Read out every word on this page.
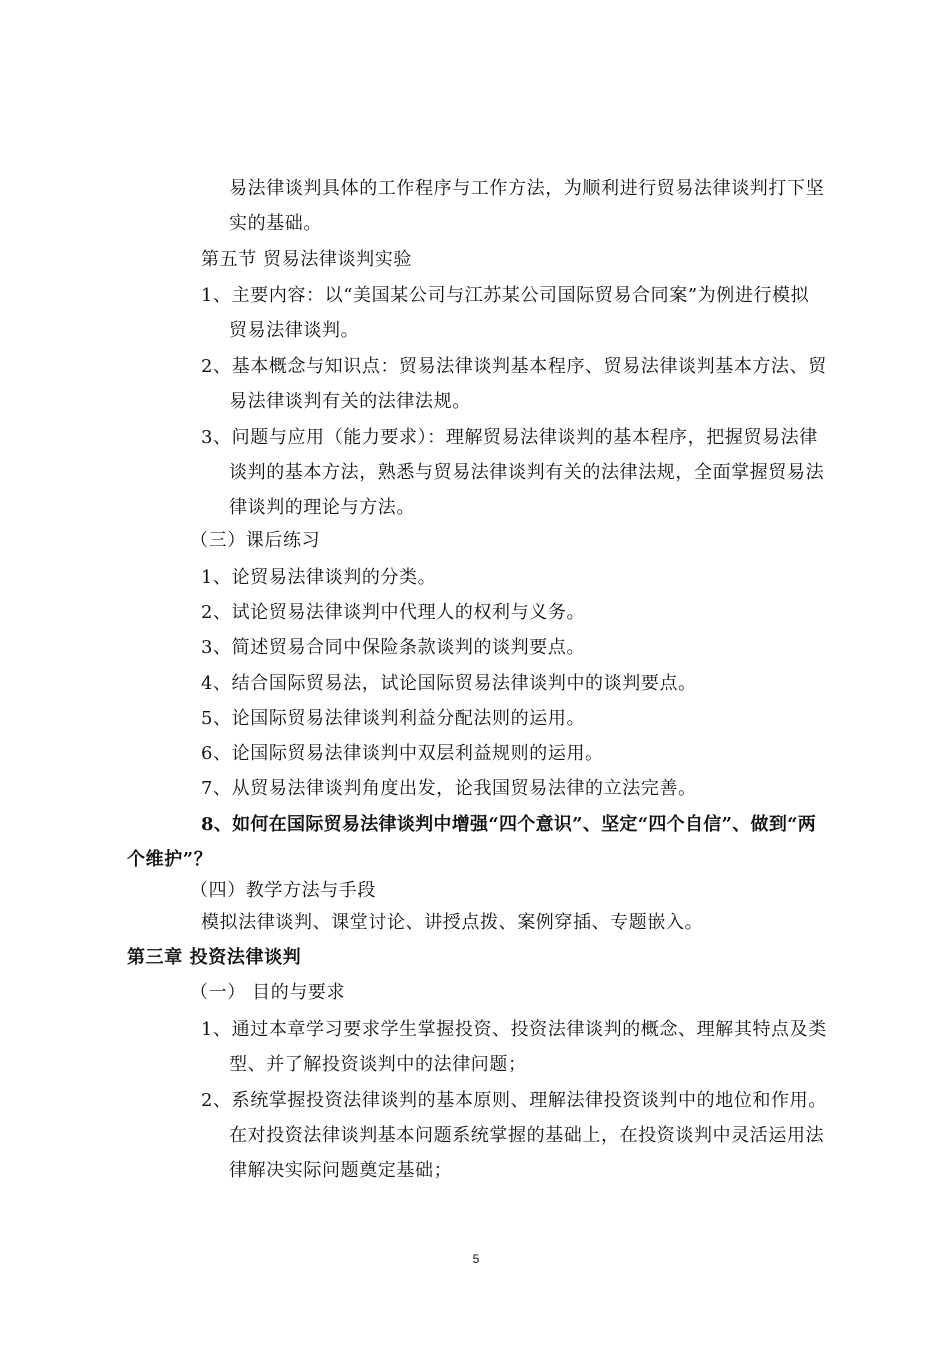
易法律谈判具体的工作程序与工作方法，为顺利进行贸易法律谈判打下坚
实的基础。
第五节 贸易法律谈判实验
1、主要内容：以“美国某公司与江苏某公司国际贸易合同案”为例进行模拟
贸易法律谈判。
2、基本概念与知识点：贸易法律谈判基本程序、贸易法律谈判基本方法、贸
易法律谈判有关的法律法规。
3、问题与应用（能力要求）：理解贸易法律谈判的基本程序，把握贸易法律
谈判的基本方法，熟悉与贸易法律谈判有关的法律法规，全面掌握贸易法
律谈判的理论与方法。
（三）课后练习
1、论贸易法律谈判的分类。
2、试论贸易法律谈判中代理人的权利与义务。
3、简述贸易合同中保险条款谈判的谈判要点。
4、结合国际贸易法，试论国际贸易法律谈判中的谈判要点。
5、论国际贸易法律谈判利益分配法则的运用。
6、论国际贸易法律谈判中双层利益规则的运用。
7、从贸易法律谈判角度出发，论我国贸易法律的立法完善。
8、如何在国际贸易法律谈判中增强“四个意识”、坚定“四个自信”、做到“两
个维护”？
（四）教学方法与手段
模拟法律谈判、课堂讨论、讲授点拨、案例穿插、专题嵌入。
第三章 投资法律谈判
（一） 目的与要求
1、通过本章学习要求学生掌握投资、投资法律谈判的概念、理解其特点及类
型、并了解投资谈判中的法律问题；
2、系统掌握投资法律谈判的基本原则、理解法律投资谈判中的地位和作用。
在对投资法律谈判基本问题系统掌握的基础上，在投资谈判中灵活运用法
律解决实际问题奠定基础；
5
